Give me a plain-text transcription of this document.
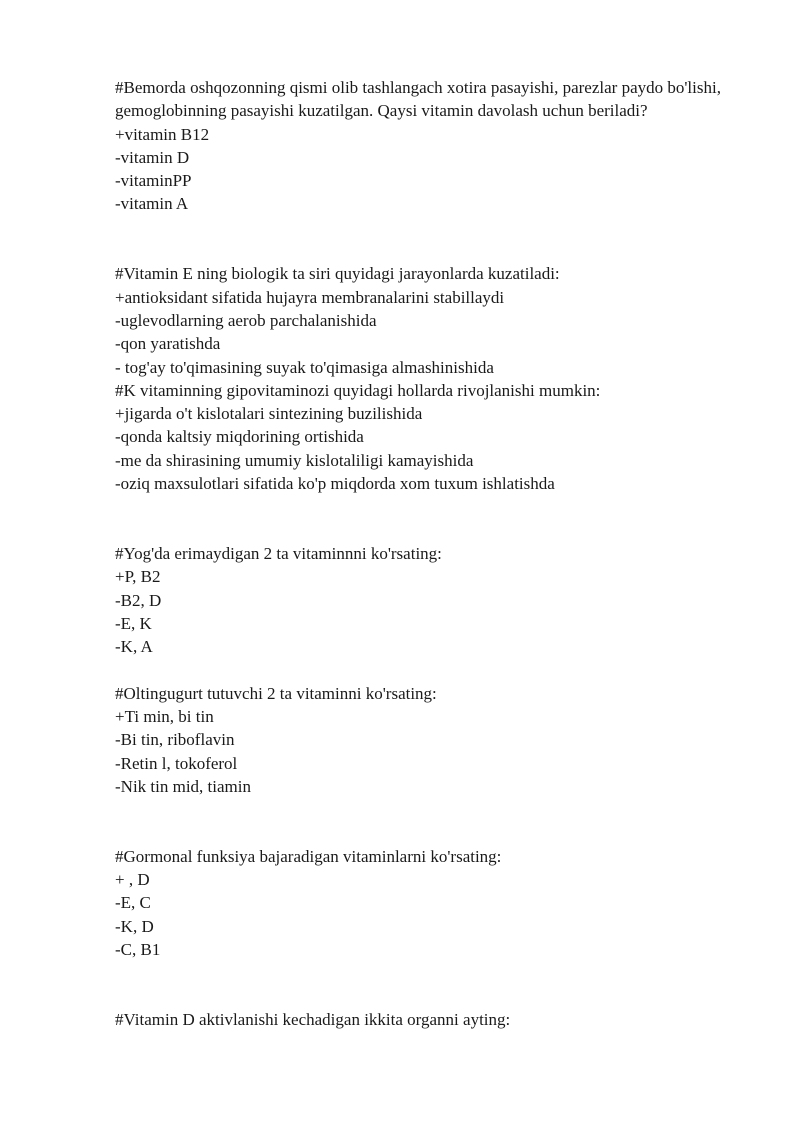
#Bemorda oshqozonning qismi olib tashlangach xotira pasayishi, parezlar paydo bo'lishi, gemoglobinning pasayishi kuzatilgan. Qaysi vitamin davolash uchun beriladi?
+vitamin B12
-vitamin D
-vitaminPP
-vitamin A
#Vitamin E ning biologik ta siri quyidagi jarayonlarda kuzatiladi:
+antioksidant sifatida hujayra membranalarini stabillaydi
-uglevodlarning aerob parchalanishida
-qon yaratishda
- tog'ay to'qimasining suyak to'qimasiga almashinishida
#K vitaminning gipovitaminozi quyidagi hollarda rivojlanishi mumkin:
+jigarda o't kislotalari sintezining buzilishida
-qonda kaltsiy miqdorining ortishida
-me da shirasining umumiy kislotaliligi kamayishida
-oziq maxsulotlari sifatida ko'p miqdorda xom tuxum ishlatishda
#Yog'da erimaydigan 2 ta vitaminnni ko'rsating:
+P, B2
-B2, D
-E, K
-K, A
#Oltingugurt tutuvchi 2 ta vitaminni ko'rsating:
+Ti min, bi tin
-Bi tin, riboflavin
-Retin l, tokoferol
-Nik tin mid, tiamin
#Gormonal funksiya bajaradigan vitaminlarni ko'rsating:
+ , D
-E, C
-K, D
-C, B1
#Vitamin D aktivlanishi kechadigan ikkita organni ayting:
